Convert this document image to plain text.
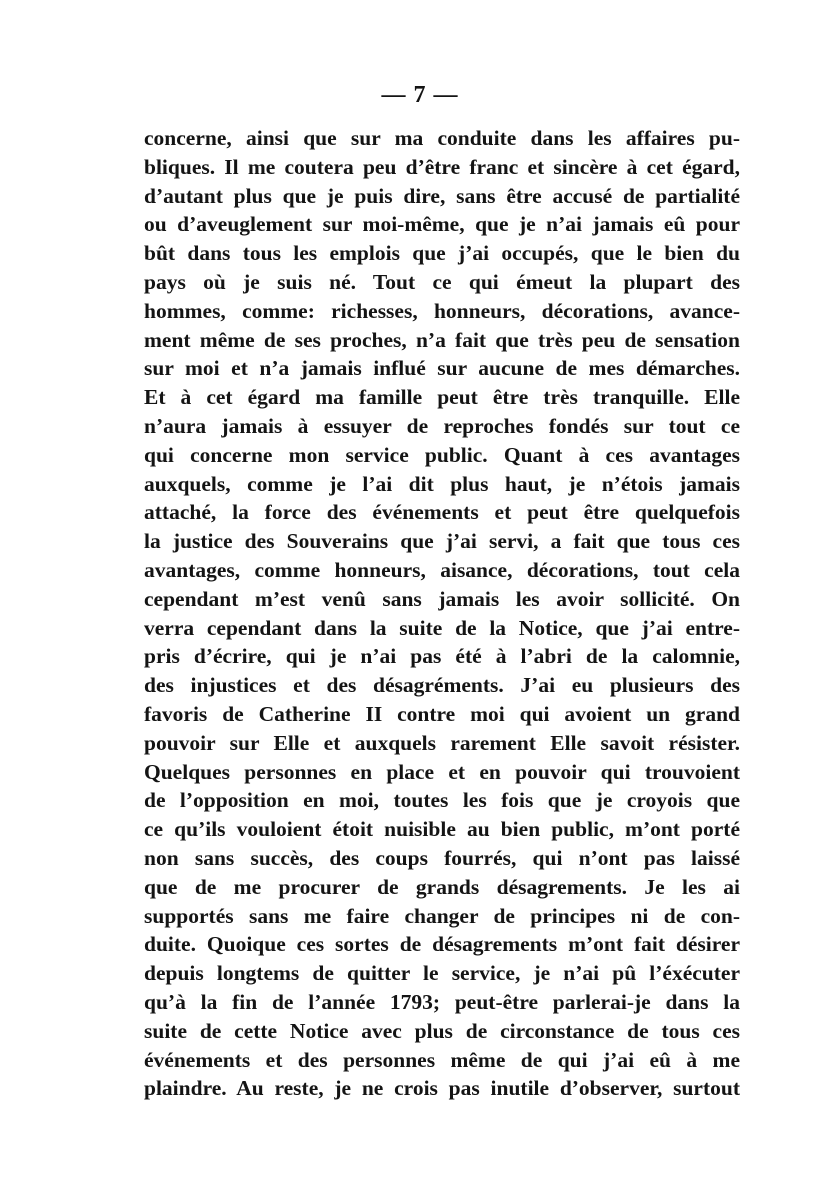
— 7 —
concerne, ainsi que sur ma conduite dans les affaires pu-
bliques. Il me coutera peu d’être franc et sincère à cet égard,
d’autant plus que je puis dire, sans être accusé de partialité
ou d’aveuglement sur moi-même, que je n’ai jamais eû pour
bût dans tous les emplois que j’ai occupés, que le bien du
pays où je suis né. Tout ce qui émeut la plupart des
hommes, comme: richesses, honneurs, décorations, avance-
ment même de ses proches, n’a fait que très peu de sensation
sur moi et n’a jamais influé sur aucune de mes démarches.
Et à cet égard ma famille peut être très tranquille. Elle
n’aura jamais à essuyer de reproches fondés sur tout ce
qui concerne mon service public. Quant à ces avantages
auxquels, comme je l’ai dit plus haut, je n’étois jamais
attaché, la force des événements et peut être quelquefois
la justice des Souverains que j’ai servi, a fait que tous ces
avantages, comme honneurs, aisance, décorations, tout cela
cependant m’est venû sans jamais les avoir sollicité. On
verra cependant dans la suite de la Notice, que j’ai entre-
pris d’écrire, qui je n’ai pas été à l’abri de la calomnie,
des injustices et des désagréments. J’ai eu plusieurs des
favoris de Catherine II contre moi qui avoient un grand
pouvoir sur Elle et auxquels rarement Elle savoit résister.
Quelques personnes en place et en pouvoir qui trouvoient
de l’opposition en moi, toutes les fois que je croyois que
ce qu’ils vouloient étoit nuisible au bien public, m’ont porté
non sans succès, des coups fourrés, qui n’ont pas laissé
que de me procurer de grands désagrements. Je les ai
supportés sans me faire changer de principes ni de con-
duite. Quoique ces sortes de désagrements m’ont fait désirer
depuis longtems de quitter le service, je n’ai pû l’éxécuter
qu’à la fin de l’année 1793; peut-être parlerai-je dans la
suite de cette Notice avec plus de circonstance de tous ces
événements et des personnes même de qui j’ai eû à me
plaindre. Au reste, je ne crois pas inutile d’observer, surtout
